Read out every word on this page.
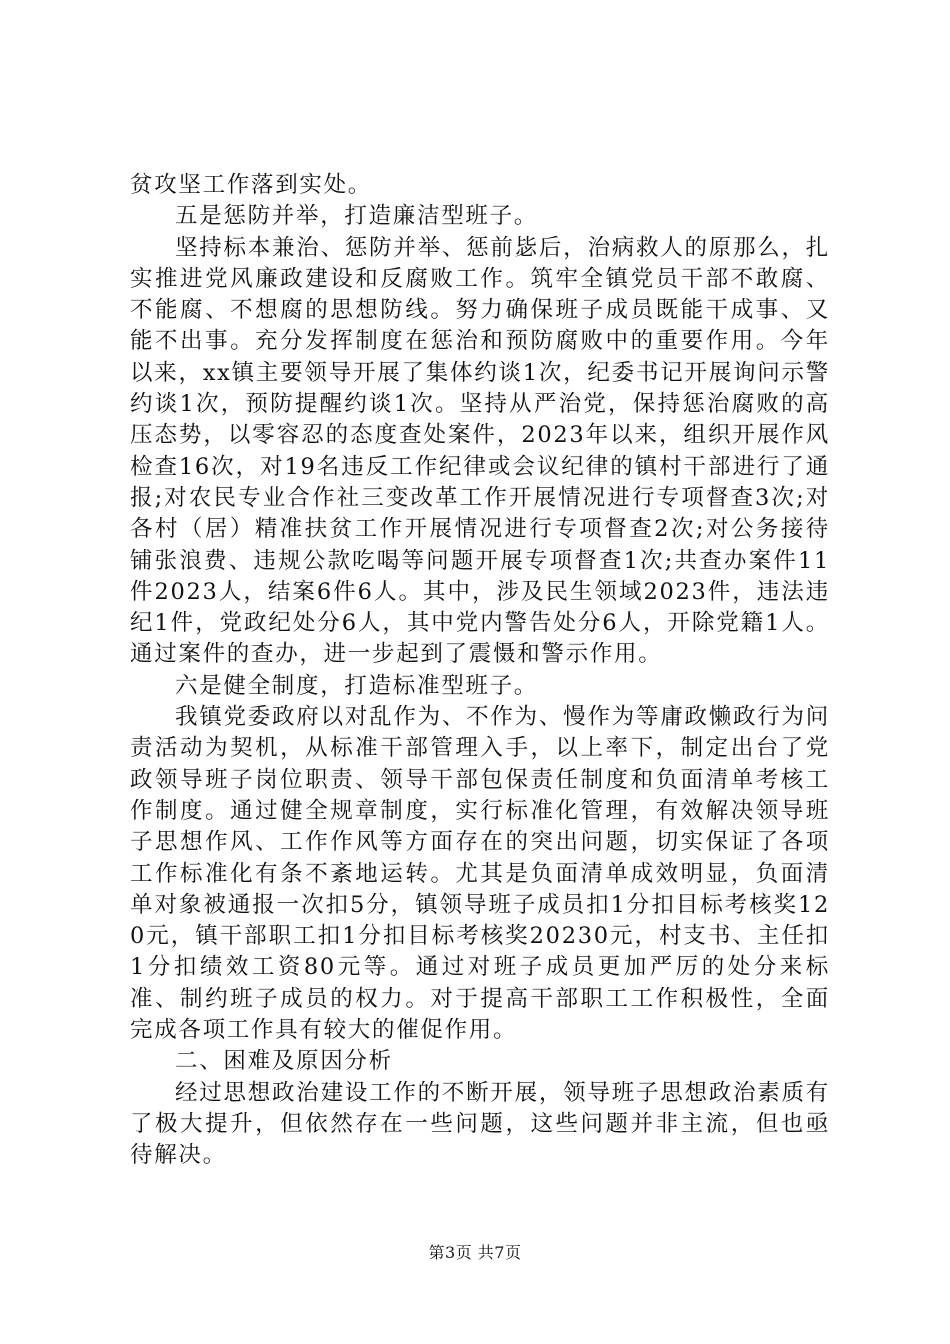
贫攻坚工作落到实处。

五是惩防并举，打造廉洁型班子。

坚持标本兼治、惩防并举、惩前毖后，治病救人的原那么，扎实推进党风廉政建设和反腐败工作。筑牢全镇党员干部不敢腐、不能腐、不想腐的思想防线。努力确保班子成员既能干成事、又能不出事。充分发挥制度在惩治和预防腐败中的重要作用。今年以来，xx镇主要领导开展了集体约谈1次，纪委书记开展询问示警约谈1次，预防提醒约谈1次。坚持从严治党，保持惩治腐败的高压态势，以零容忍的态度查处案件，2023年以来，组织开展作风检查16次，对19名违反工作纪律或会议纪律的镇村干部进行了通报;对农民专业合作社三变改革工作开展情况进行专项督查3次;对各村（居）精准扶贫工作开展情况进行专项督查2次;对公务接待铺张浪费、违规公款吃喝等问题开展专项督查1次;共查办案件11件2023人，结案6件6人。其中，涉及民生领域2023件，违法违纪1件，党政纪处分6人，其中党内警告处分6人，开除党籍1人。通过案件的查办，进一步起到了震慑和警示作用。

六是健全制度，打造标准型班子。

我镇党委政府以对乱作为、不作为、慢作为等庸政懒政行为问责活动为契机，从标准干部管理入手，以上率下，制定出台了党政领导班子岗位职责、领导干部包保责任制度和负面清单考核工作制度。通过健全规章制度，实行标准化管理，有效解决领导班子思想作风、工作作风等方面存在的突出问题，切实保证了各项工作标准化有条不紊地运转。尤其是负面清单成效明显，负面清单对象被通报一次扣5分，镇领导班子成员扣1分扣目标考核奖120元，镇干部职工扣1分扣目标考核奖20230元，村支书、主任扣1分扣绩效工资80元等。通过对班子成员更加严厉的处分来标准、制约班子成员的权力。对于提高干部职工工作积极性，全面完成各项工作具有较大的催促作用。

二、困难及原因分析

经过思想政治建设工作的不断开展，领导班子思想政治素质有了极大提升，但依然存在一些问题，这些问题并非主流，但也亟待解决。

第3页 共7页
